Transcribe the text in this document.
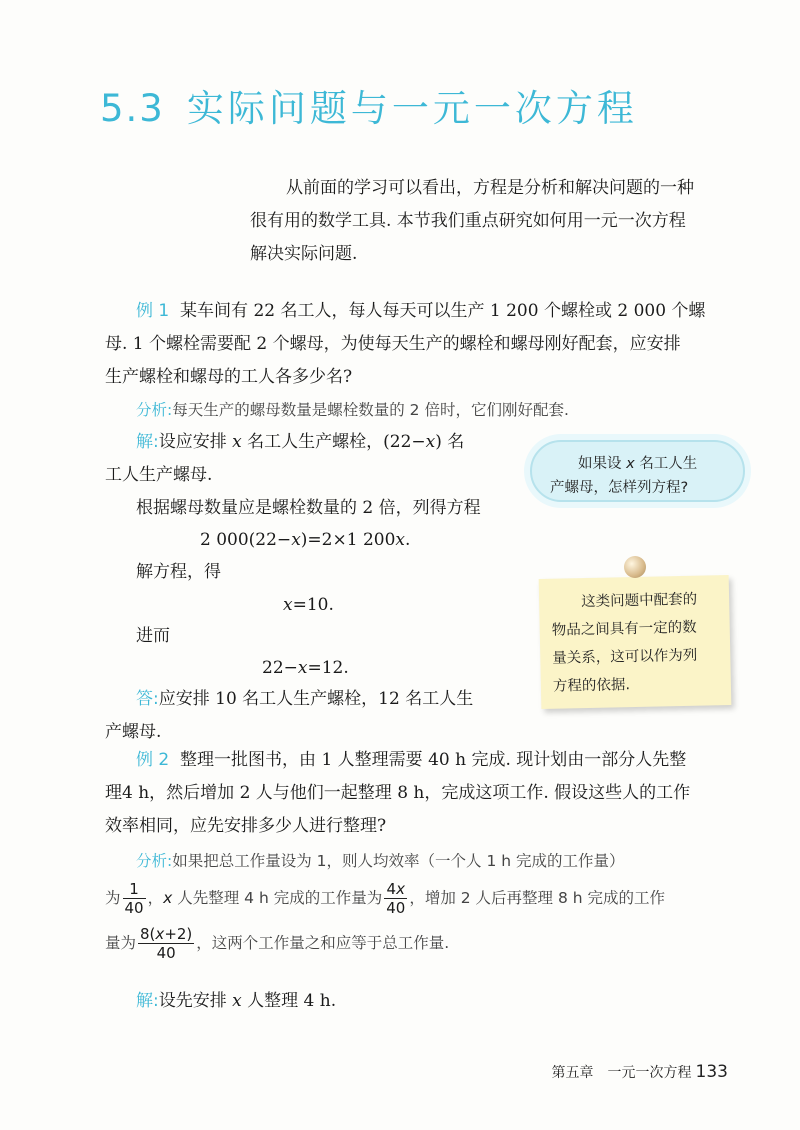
5.3 实际问题与一元一次方程

从前面的学习可以看出，方程是分析和解决问题的一种

很有用的数学工具. 本节我们重点研究如何用一元一次方程

解决实际问题.

例 1 某车间有 22 名工人，每人每天可以生产 1 200 个螺栓或 2 000 个螺
母. 1 个螺栓需要配 2 个螺母，为使每天生产的螺栓和螺母刚好配套，应安排
生产螺栓和螺母的工人各多少名?
分析:每天生产的螺母数量是螺栓数量的 2 倍时，它们刚好配套.
解:设应安排 x 名工人生产螺栓，(22−x) 名
工人生产螺母.
根据螺母数量应是螺栓数量的 2 倍，列得方程
2 000(22−x)=2×1 200x.
解方程，得
x=10.
进而
22−x=12.
答:应安排 10 名工人生产螺栓，12 名工人生
产螺母.
如果设 x 名工人生
产螺母，怎样列方程?
这类问题中配套的
物品之间具有一定的数
量关系，这可以作为列
方程的依据.
例 2 整理一批图书，由 1 人整理需要 40 h 完成. 现计划由一部分人先整
理4 h，然后增加 2 人与他们一起整理 8 h，完成这项工作. 假设这些人的工作
效率相同，应先安排多少人进行整理?
分析:如果把总工作量设为 1，则人均效率（一个人 1 h 完成的工作量）
为 $\frac{1}{40}$ ，x 人先整理 4 h 完成的工作量为 $\frac{4x}{40}$ ，增加 2 人后再整理 8 h 完成的工作
量为 $\frac{8(x+2)}{40}$ ，这两个工作量之和应等于总工作量.
解:设先安排 x 人整理 4 h.
第五章　一元一次方程 133
